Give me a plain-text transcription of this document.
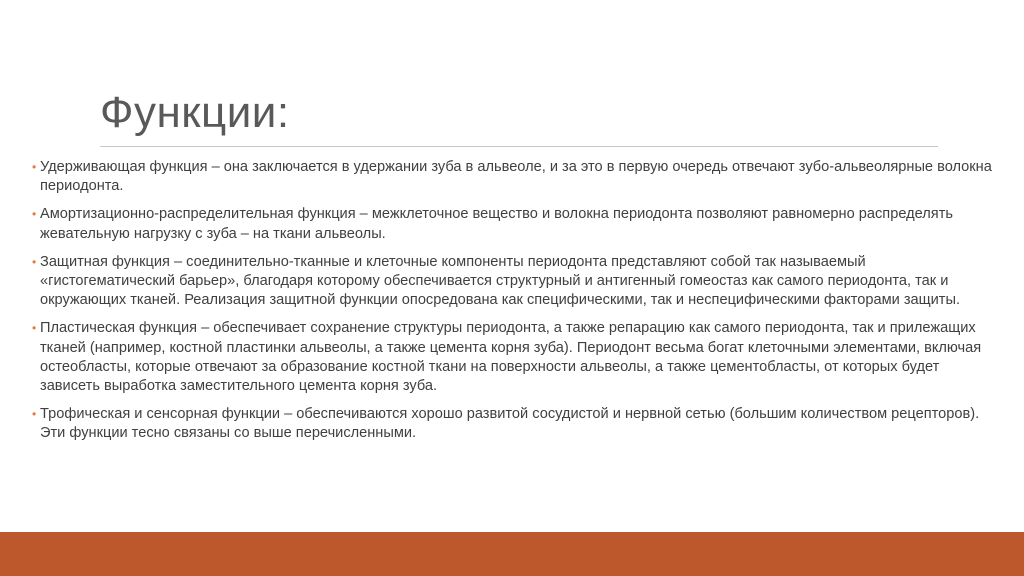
Функции:
• Удерживающая функция – она заключается в удержании зуба в альвеоле, и за это в первую очередь отвечают зубо-альвеолярные волокна периодонта.
• Амортизационно-распределительная функция – межклеточное вещество и волокна периодонта позволяют равномерно распределять жевательную нагрузку с зуба – на ткани альвеолы.
• Защитная функция – соединительно-тканные и клеточные компоненты периодонта представляют собой так называемый «гистогематический барьер», благодаря которому обеспечивается структурный и антигенный гомеостаз как самого периодонта, так и окружающих тканей. Реализация защитной функции опосредована как специфическими, так и неспецифическими факторами защиты.
• Пластическая функция – обеспечивает сохранение структуры периодонта, а также репарацию как самого периодонта, так и прилежащих тканей (например, костной пластинки альвеолы, а также цемента корня зуба). Периодонт весьма богат клеточными элементами, включая остеобласты, которые отвечают за образование костной ткани на поверхности альвеолы, а также цементобласты, от которых будет зависеть выработка заместительного цемента корня зуба.
• Трофическая и сенсорная функции – обеспечиваются хорошо развитой сосудистой и нервной сетью (большим количеством рецепторов). Эти функции тесно связаны со выше перечисленными.
